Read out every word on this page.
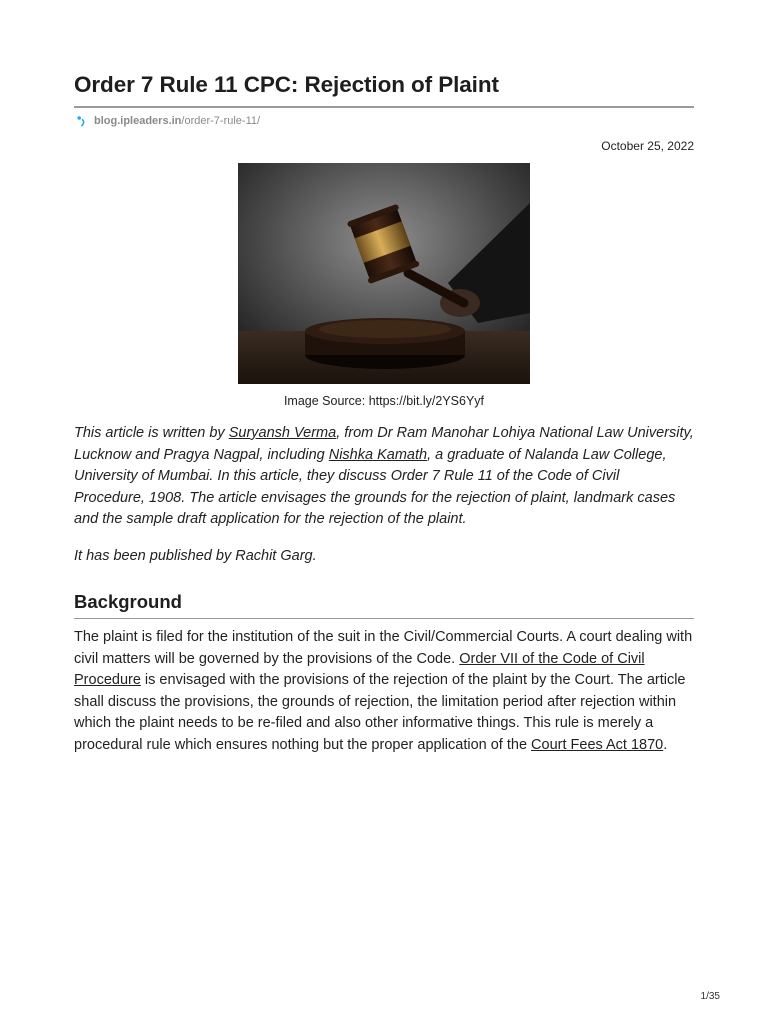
Order 7 Rule 11 CPC: Rejection of Plaint
blog.ipleaders.in /order-7-rule-11/
October 25, 2022
Image Source: https://bit.ly/2YS6Yyf

This article is written by Suryansh Verma, from Dr Ram Manohar Lohiya National Law University, Lucknow and Pragya Nagpal, including Nishka Kamath, a graduate of Nalanda Law College, University of Mumbai. In this article, they discuss Order 7 Rule 11 of the Code of Civil Procedure, 1908. The article envisages the grounds for the rejection of plaint, landmark cases and the sample draft application for the rejection of the plaint.

It has been published by Rachit Garg.

Background

The plaint is filed for the institution of the suit in the Civil/Commercial Courts. A court dealing with civil matters will be governed by the provisions of the Code. Order VII of the Code of Civil Procedure is envisaged with the provisions of the rejection of the plaint by the Court. The article shall discuss the provisions, the grounds of rejection, the limitation period after rejection within which the plaint needs to be re-filed and also other informative things. This rule is merely a procedural rule which ensures nothing but the proper application of the Court Fees Act 1870.

1/35
